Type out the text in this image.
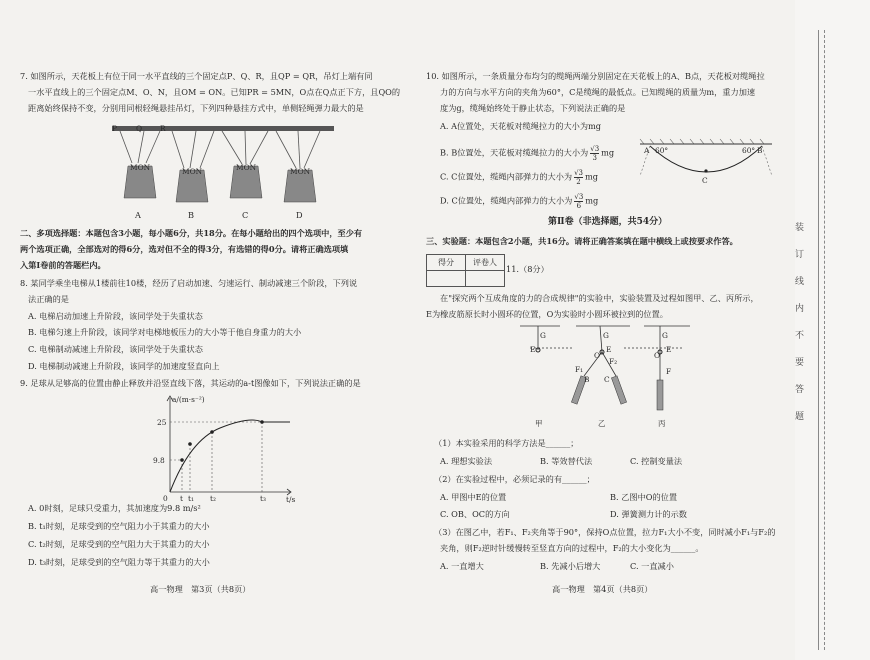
7. 如图所示，天花板上有位于同一水平直线的三个固定点P、Q、R，且QP = QR，吊灯上端有同
一水平直线上的三个固定点M、O、N，且OM = ON。已知PR = 5MN，O点在Q点正下方，且QO的
距离始终保持不变，分别用同根轻绳悬挂吊灯，下列四种悬挂方式中，单侧轻绳弹力最大的是
P	Q R
MON	MON	MON	MON
A	B	C	D
二、多项选择题：本题包含3小题，每小题6分，共18分。在每小题给出的四个选项中，至少有
两个选项正确，全部选对的得6分，选对但不全的得3分，有选错的得0分。请将正确选项填
入第Ⅰ卷前的答题栏内。
8. 某同学乘坐电梯从1楼前往10楼，经历了启动加速、匀速运行、制动减速三个阶段，下列说
法正确的是
A. 电梯启动加速上升阶段，该同学处于失重状态
B. 电梯匀速上升阶段，该同学对电梯地板压力的大小等于他自身重力的大小
C. 电梯制动减速上升阶段，该同学处于失重状态
D. 电梯制动减速上升阶段，该同学的加速度竖直向上
9. 足球从足够高的位置由静止释放并沿竖直线下落，其运动的a-t图像如下，下列说法正确的是
a/(m·s⁻²)
t/s
25
9.8
0 t t₁ t₂	t₃
A. 0时刻，足球只受重力，其加速度为9.8 m/s²
B. t₁时刻，足球受到的空气阻力小于其重力的大小
C. t₂时刻，足球受到的空气阻力大于其重力的大小
D. t₃时刻，足球受到的空气阻力等于其重力的大小
高一物理　第3页（共8页）
10. 如图所示，一条质量分布均匀的缆绳两端分别固定在天花板上的A、B点，天花板对缆绳拉
力的方向与水平方向的夹角为60°，C是缆绳的最低点。已知缆绳的质量为m，重力加速
度为g，缆绳始终处于静止状态，下列说法正确的是
A. A位置处，天花板对缆绳拉力的大小为mg
B. B位置处，天花板对缆绳拉力的大小为 $\frac{√3}{3}$ mg
C. C位置处，缆绳内部弹力的大小为 $\frac{√3}{2}$ mg
D. C位置处，缆绳内部弹力的大小为 $\frac{√3}{6}$ mg
A 60°	60° B
C
第Ⅱ卷（非选择题，共54分）
三、实验题：本题包含2小题，共16分。请将正确答案填在题中横线上或按要求作答。
得分	评卷人

11.（8分）
在"探究两个互成角度的力的合成规律"的实验中，实验装置及过程如图甲、乙、丙所示，
E为橡皮筋原长时小圆环的位置，O为实验时小圆环被拉到的位置。
G
E
G
O
E
F₁
F₂
B C
G
O
E
F
甲	乙	丙
（1）本实验采用的科学方法是______；
A. 理想实验法	B. 等效替代法	C. 控制变量法
（2）在实验过程中，必须记录的有______；
A. 甲图中E的位置	B. 乙图中O的位置
C. OB、OC的方向	D. 弹簧测力计的示数
（3）在图乙中，若F₁、F₂夹角等于90°，保持O点位置，拉力F₁大小不变，同时减小F₁与F₂的
夹角，则F₂逆时针缓慢转至竖直方向的过程中，F₂的大小变化为______。
A. 一直增大	B. 先减小后增大	C. 一直减小
高一物理　第4页（共8页）
